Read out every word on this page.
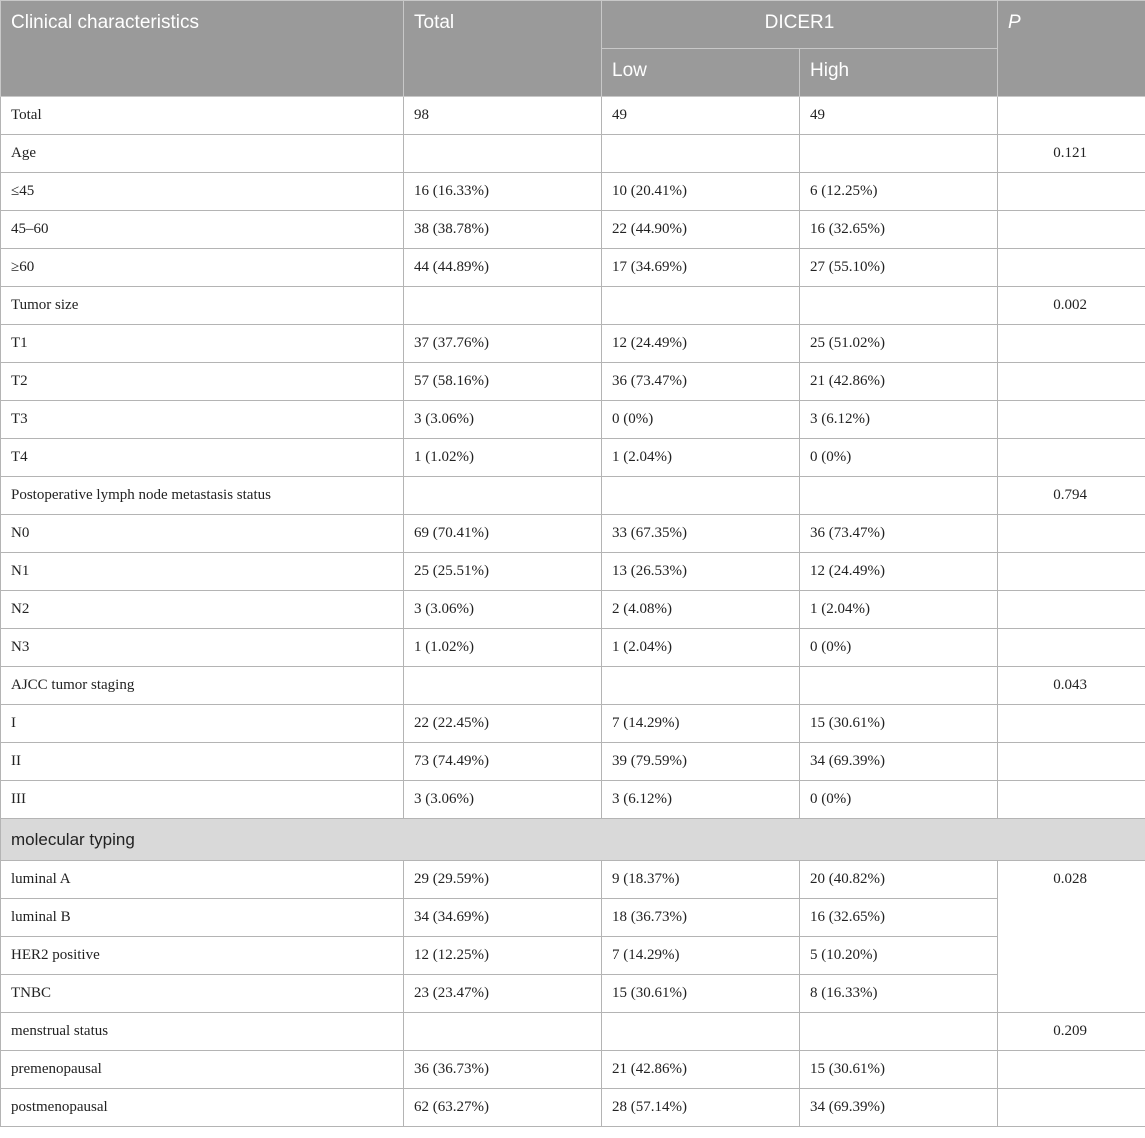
Clinical characteristics	Total	DICER1		P
		Low	High	
Total	98	49	49	
Age				0.121
≤45	16 (16.33%)	10 (20.41%)	6 (12.25%)	
45–60	38 (38.78%)	22 (44.90%)	16 (32.65%)	
≥60	44 (44.89%)	17 (34.69%)	27 (55.10%)	
Tumor size				0.002
T1	37 (37.76%)	12 (24.49%)	25 (51.02%)	
T2	57 (58.16%)	36 (73.47%)	21 (42.86%)	
T3	3 (3.06%)	0 (0%)	3 (6.12%)	
T4	1 (1.02%)	1 (2.04%)	0 (0%)	
Postoperative lymph node metastasis status				0.794
N0	69 (70.41%)	33 (67.35%)	36 (73.47%)	
N1	25 (25.51%)	13 (26.53%)	12 (24.49%)	
N2	3 (3.06%)	2 (4.08%)	1 (2.04%)	
N3	1 (1.02%)	1 (2.04%)	0 (0%)	
AJCC tumor staging				0.043
I	22 (22.45%)	7 (14.29%)	15 (30.61%)	
II	73 (74.49%)	39 (79.59%)	34 (69.39%)	
III	3 (3.06%)	3 (6.12%)	0 (0%)	
molecular typing				
luminal A	29 (29.59%)	9 (18.37%)	20 (40.82%)	0.028
luminal B	34 (34.69%)	18 (36.73%)	16 (32.65%)	
HER2 positive	12 (12.25%)	7 (14.29%)	5 (10.20%)	
TNBC	23 (23.47%)	15 (30.61%)	8 (16.33%)	
menstrual status				0.209
premenopausal	36 (36.73%)	21 (42.86%)	15 (30.61%)	
postmenopausal	62 (63.27%)	28 (57.14%)	34 (69.39%)	
